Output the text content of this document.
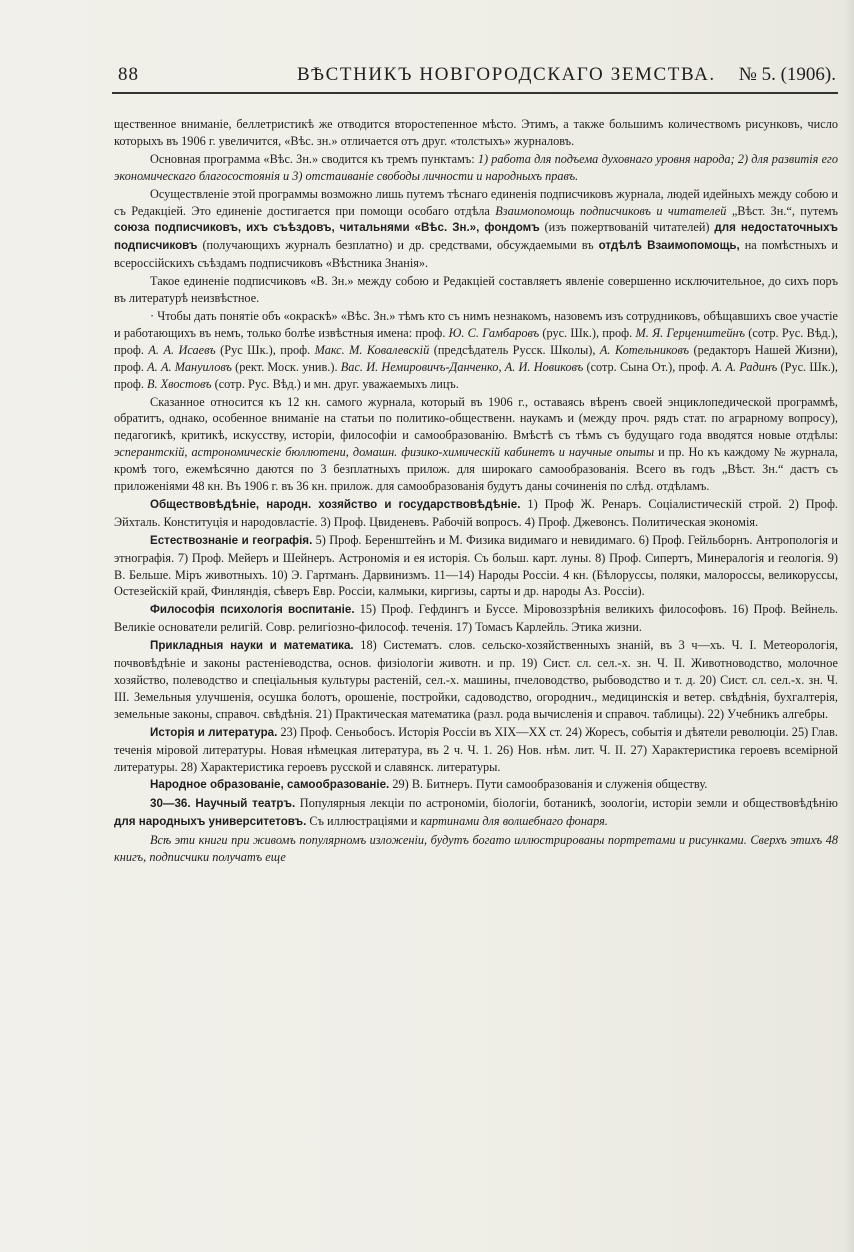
88	ВѢСТНИКЪ НОВГОРОДСКАГО ЗЕМСТВА. № 5. (1906).

щественное вниманіе, беллетристикѣ же отводится второстепенное мѣсто. Этимъ, а также большимъ количествомъ рисунковъ, число которыхъ въ 1906 г. увеличится, «Вѣс. зн.» отличается отъ друг. «толстыхъ» журналовъ.

Основная программа «Вѣс. Зн.» сводится къ тремъ пунктамъ: 1) работа для подъема духовнаго уровня народа; 2) для развитія его экономическаго благосостоянія и 3) отстаиваніе свободы личности и народныхъ правъ.

Осуществленіе этой программы возможно лишь путемъ тѣснаго единенія подписчиковъ журнала, людей идейныхъ между собою и съ Редакціей. Это единеніе достигается при помощи особаго отдѣла Взаимопомощь подписчиковъ и читателей „Вѣст. Зн.“, путемъ союза подписчиковъ, ихъ съѣздовъ, читальнями «Вѣс. Зн.», фондомъ (изъ пожертвованій читателей) для недостаточныхъ подписчиковъ (получающихъ журналъ безплатно) и др. средствами, обсуждаемыми въ отдѣлѣ Взаимопомощь, на помѣстныхъ и всероссійскихъ съѣздамъ подписчиковъ «Вѣстника Знанія».

Такое единеніе подписчиковъ «В. Зн.» между собою и Редакціей составляетъ явленіе совершенно исключительное, до сихъ поръ въ литературѣ неизвѣстное.

· Чтобы дать понятіе объ «окраскѣ» «Вѣс. Зн.» тѣмъ кто съ нимъ незнакомъ, назовемъ изъ сотрудниковъ, обѣщавшихъ свое участіе и работающихъ въ немъ, только болѣе извѣстныя имена: проф. Ю. С. Гамбаровъ (рус. Шк.), проф. М. Я. Герценштейнъ (сотр. Рус. Вѣд.), проф. А. А. Исаевъ (Рус Шк.), проф. Макс. М. Ковалевскій (предсѣдатель Русск. Школы), А. Котельниковъ (редакторъ Нашей Жизни), проф. А. А. Мануиловъ (рект. Моск. унив.). Вас. И. Немировичъ-Данченко, А. И. Новиковъ (сотр. Сына От.), проф. А. А. Радинъ (Рус. Шк.), проф. В. Хвостовъ (сотр. Рус. Вѣд.) и мн. друг. уважаемыхъ лицъ.

Сказанное относится къ 12 кн. самого журнала, который въ 1906 г., оставаясь вѣренъ своей энциклопедической программѣ, обратитъ, однако, особенное вниманіе на статьи по политико-общественн. наукамъ и (между проч. рядъ стат. по аграрному вопросу), педагогикѣ, критикѣ, искусству, исторіи, философіи и самообразованію. Вмѣстѣ съ тѣмъ съ будущаго года вводятся новые отдѣлы: эсперантскій, астрономическіе бюллютени, домашн. физико-химическій кабинетъ и научные опыты и пр. Но къ каждому № журнала, кромѣ того, ежемѣсячно даются по 3 безплатныхъ прилож. для широкаго самообразованія. Всего въ годъ „Вѣст. Зн.“ дастъ съ приложеніями 48 кн. Въ 1906 г. въ 36 кн. прилож. для самообразованія будутъ даны сочиненія по слѣд. отдѣламъ.

Обществовѣдѣніе, народн. хозяйство и государствовѣдѣніе. 1) Проф Ж. Ренаръ. Соціалистическій строй. 2) Проф. Эйхталь. Конституція и народовластіе. 3) Проф. Цвиденевъ. Рабочій вопросъ. 4) Проф. Джевонсъ. Политическая экономія.

Естествознаніе и географія. 5) Проф. Беренштейнъ и М. Физика видимаго и невидимаго. 6) Проф. Гейльборнъ. Антропологія и этнографія. 7) Проф. Мейеръ и Шейнеръ. Астрономія и ея исторія. Съ больш. карт. луны. 8) Проф. Сипертъ, Минералогія и геологія. 9) В. Бельше. Міръ животныхъ. 10) Э. Гартманъ. Дарвинизмъ. 11—14) Народы Россіи. 4 кн. (Бѣлоруссы, поляки, малороссы, великоруссы, Остезейскій край, Финляндія, сѣверъ Евр. Россіи, калмыки, киргизы, сарты и др. народы Аз. Россіи).

Философія психологія воспитаніе. 15) Проф. Гефдингъ и Буссе. Міровоззрѣнія великихъ философовъ. 16) Проф. Вейнель. Великіе основатели религій. Совр. религіозно-философ. теченія. 17) Томасъ Карлейль. Этика жизни.

Прикладныя науки и математика. 18) Систематъ. слов. сельско-хозяйственныхъ знаній, въ 3 ч—хъ. Ч. I. Метеорологія, почвовѣдѣніе и законы растеніеводства, основ. физіологіи животн. и пр. 19) Сист. сл. сел.-х. зн. Ч. II. Животноводство, молочное хозяйство, полеводство и спеціальныя культуры растеній, сел.-х. машины, пчеловодство, рыбоводство и т. д. 20) Сист. сл. сел.-х. зн. Ч. III. Земельныя улучшенія, осушка болотъ, орошеніе, постройки, садоводство, огороднич., медицинскія и ветер. свѣдѣнія, бухгалтерія, земельные законы, справоч. свѣдѣнія. 21) Практическая математика (разл. рода вычисленія и справоч. таблицы). 22) Учебникъ алгебры.

Исторія и литература. 23) Проф. Сеньобосъ. Исторія Россіи въ XIX—XX ст. 24) Жоресъ, событія и дѣятели революціи. 25) Глав. теченія міровой литературы. Новая нѣмецкая литература, въ 2 ч. Ч. 1. 26) Нов. нѣм. лит. Ч. II. 27) Характеристика героевъ всемірной литературы. 28) Характеристика героевъ русской и славянск. литературы.

Народное образованіе, самообразованіе. 29) В. Битнеръ. Пути самообразованія и служенія обществу.

30—36. Научный театръ. Популярныя лекціи по астрономіи, біологіи, ботаникѣ, зоологіи, исторіи земли и обществовѣдѣнію для народныхъ университетовъ. Съ иллюстраціями и картинами для волшебнаго фонаря.

Всѣ эти книги при живомъ популярномъ изложеніи, будутъ богато иллюстрированы портретами и рисунками. Сверхъ этихъ 48 книгъ, подписчики получатъ еще
